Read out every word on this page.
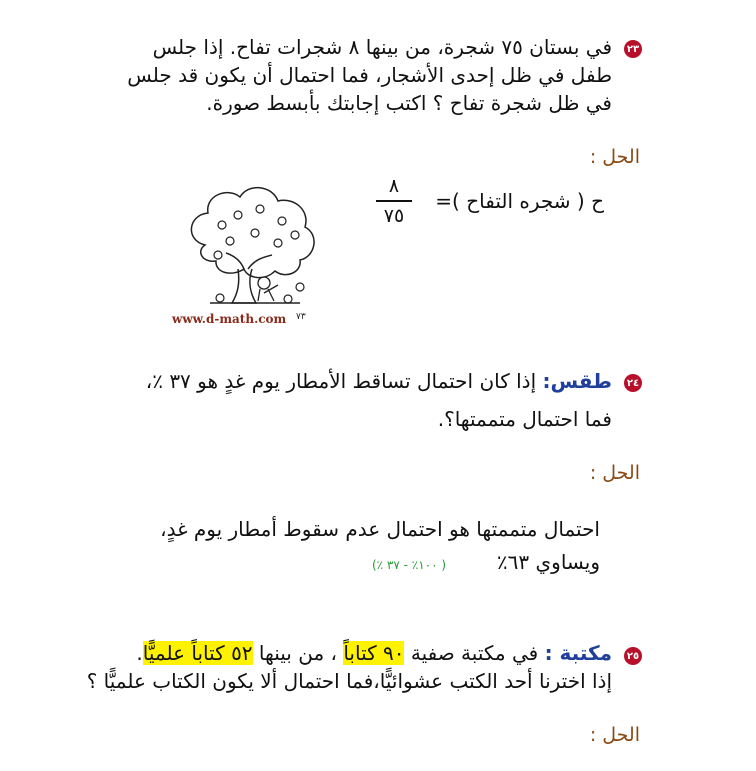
٢٣
في بستان ٧٥ شجرة، من بينها ٨ شجرات تفاح. إذا جلس
طفل في ظل إحدى الأشجار، فما احتمال أن يكون قد جلس
في ظل شجرة تفاح ؟ اكتب إجابتك بأبسط صورة.
الحل :
ح ( شجره التفاح )=
٨
٧٥
www.d-math.com ٧٣
٢٤
طقس: إذا كان احتمال تساقط الأمطار يوم غدٍ هو ٣٧ ٪،
فما احتمال متممتها؟.
الحل :
احتمال متممتها هو احتمال عدم سقوط أمطار يوم غدٍ،
ويساوي ٦٣٪        ( ١٠٠٪ - ٣٧ ٪)
٢٥
مكتبة : في مكتبة صفية ٩٠ كتاباً ، من بينها ٥٢ كتاباً علميًّا.
إذا اخترنا أحد الكتب عشوائيًّا،فما احتمال ألا يكون الكتاب علميًّا ؟
الحل :
